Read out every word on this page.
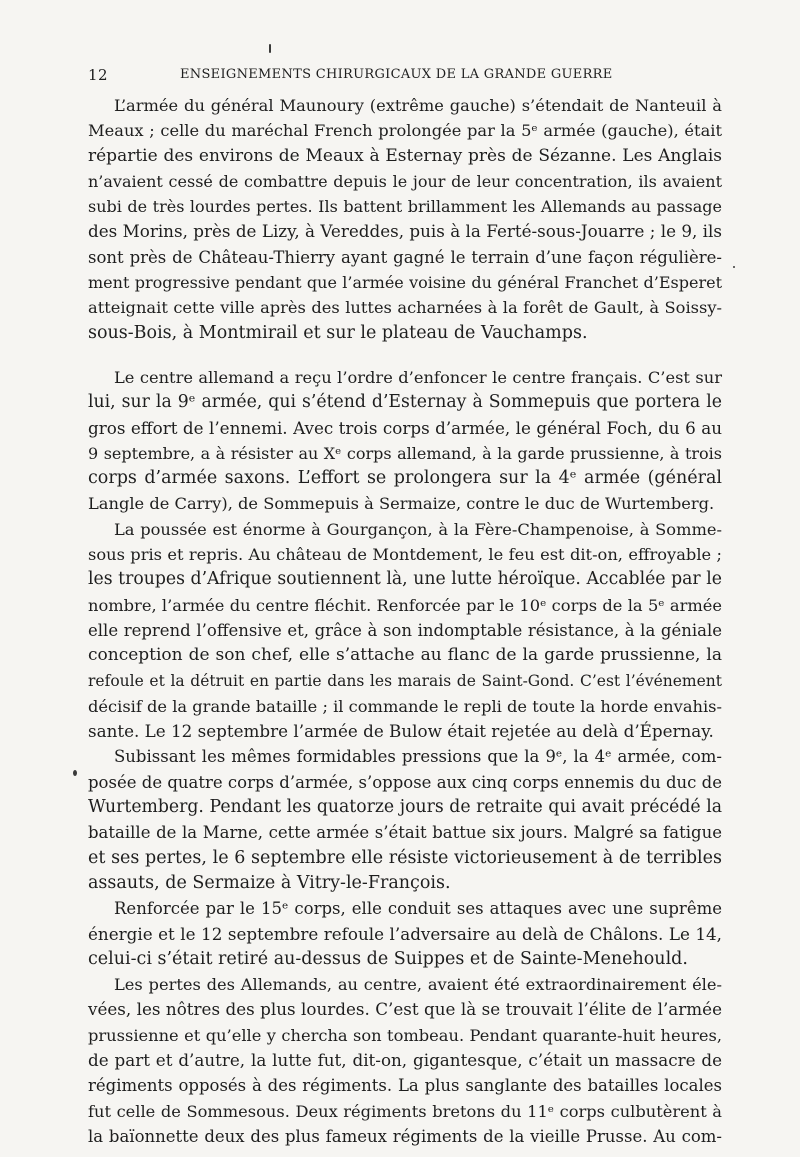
12	ENSEIGNEMENTS CHIRURGICAUX DE LA GRANDE GUERRE
L’armée du général Maunoury (extrême gauche) s’étendait de Nanteuil à
Meaux ; celle du maréchal French prolongée par la 5ᵉ armée (gauche), était
répartie des environs de Meaux à Esternay près de Sézanne. Les Anglais
n’avaient cessé de combattre depuis le jour de leur concentration, ils avaient
subi de très lourdes pertes. Ils battent brillamment les Allemands au passage
des Morins, près de Lizy, à Vereddes, puis à la Ferté-sous-Jouarre ; le 9, ils
sont près de Château-Thierry ayant gagné le terrain d’une façon régulière-
ment progressive pendant que l’armée voisine du général Franchet d’Esperet
atteignait cette ville après des luttes acharnées à la forêt de Gault, à Soissy-
sous-Bois, à Montmirail et sur le plateau de Vauchamps.
Le centre allemand a reçu l’ordre d’enfoncer le centre français. C’est sur
lui, sur la 9ᵉ armée, qui s’étend d’Esternay à Sommepuis que portera le
gros effort de l’ennemi. Avec trois corps d’armée, le général Foch, du 6 au
9 septembre, a à résister au Xᵉ corps allemand, à la garde prussienne, à trois
corps d’armée saxons. L’effort se prolongera sur la 4ᵉ armée (général
Langle de Carry), de Sommepuis à Sermaize, contre le duc de Wurtemberg.
La poussée est énorme à Gourgançon, à la Fère-Champenoise, à Somme-
sous pris et repris. Au château de Montdement, le feu est dit-on, effroyable ;
les troupes d’Afrique soutiennent là, une lutte héroïque. Accablée par le
nombre, l’armée du centre fléchit. Renforcée par le 10ᵉ corps de la 5ᵉ armée
elle reprend l’offensive et, grâce à son indomptable résistance, à la géniale
conception de son chef, elle s’attache au flanc de la garde prussienne, la
refoule et la détruit en partie dans les marais de Saint-Gond. C’est l’événement
décisif de la grande bataille ; il commande le repli de toute la horde envahis-
sante. Le 12 septembre l’armée de Bulow était rejetée au delà d’Épernay.
Subissant les mêmes formidables pressions que la 9ᵉ, la 4ᵉ armée, com-
posée de quatre corps d’armée, s’oppose aux cinq corps ennemis du duc de
Wurtemberg. Pendant les quatorze jours de retraite qui avait précédé la
bataille de la Marne, cette armée s’était battue six jours. Malgré sa fatigue
et ses pertes, le 6 septembre elle résiste victorieusement à de terribles
assauts, de Sermaize à Vitry-le-François.
Renforcée par le 15ᵉ corps, elle conduit ses attaques avec une suprême
énergie et le 12 septembre refoule l’adversaire au delà de Châlons. Le 14,
celui-ci s’était retiré au-dessus de Suippes et de Sainte-Menehould.
Les pertes des Allemands, au centre, avaient été extraordinairement éle-
vées, les nôtres des plus lourdes. C’est que là se trouvait l’élite de l’armée
prussienne et qu’elle y chercha son tombeau. Pendant quarante-huit heures,
de part et d’autre, la lutte fut, dit-on, gigantesque, c’était un massacre de
régiments opposés à des régiments. La plus sanglante des batailles locales
fut celle de Sommesous. Deux régiments bretons du 11ᵉ corps culbutèrent à
la baïonnette deux des plus fameux régiments de la vieille Prusse. Au com-
